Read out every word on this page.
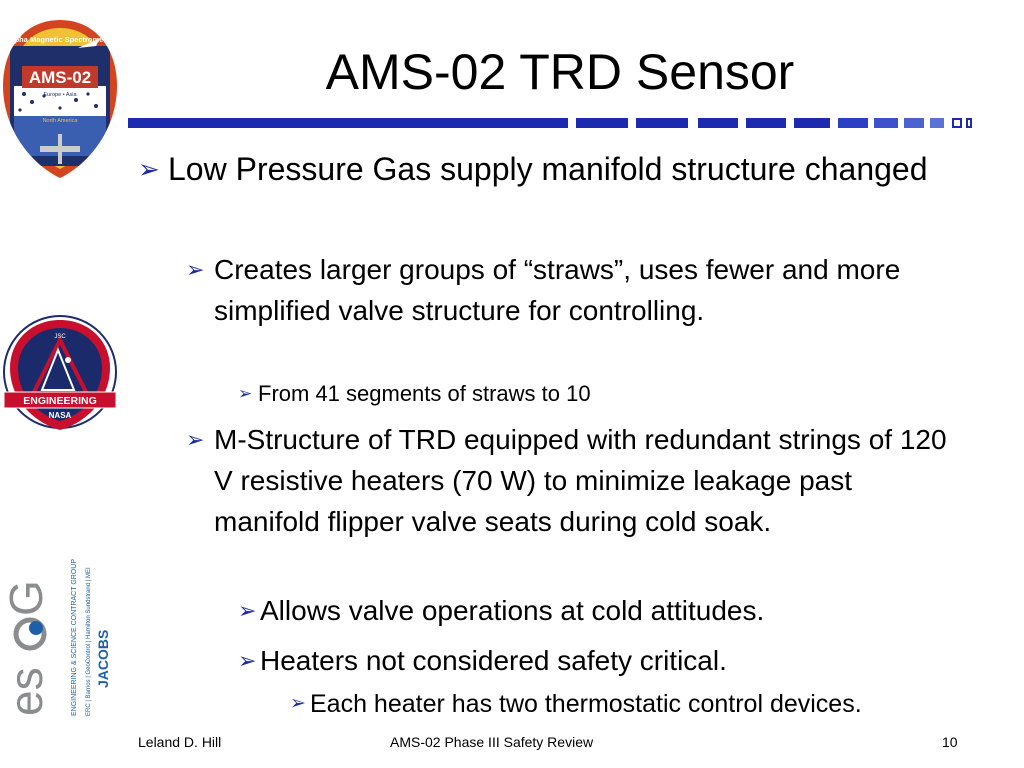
Alpha Magnetic Spectrometer
AMS-02
Europe • Asia
North America
JSC
ENGINEERING
NASA
es
G	ENGINEERING & SCIENCE CONTRACT GROUP ERC | Barrios | GeoControl | Hamilton Sundstrand | MEI JACOBS
AMS-02 TRD Sensor
➢ Low Pressure Gas supply manifold structure changed
➢ Creates larger groups of “straws”, uses fewer and more simplified valve structure for controlling.
➢ From 41 segments of straws to 10
➢ M-Structure of TRD equipped with redundant strings of 120 V resistive heaters (70 W) to minimize leakage past manifold flipper valve seats during cold soak.
➢ Allows valve operations at cold attitudes.
➢ Heaters not considered safety critical.
➢ Each heater has two thermostatic control devices.
Leland D. Hill	AMS-02 Phase III Safety Review	10
